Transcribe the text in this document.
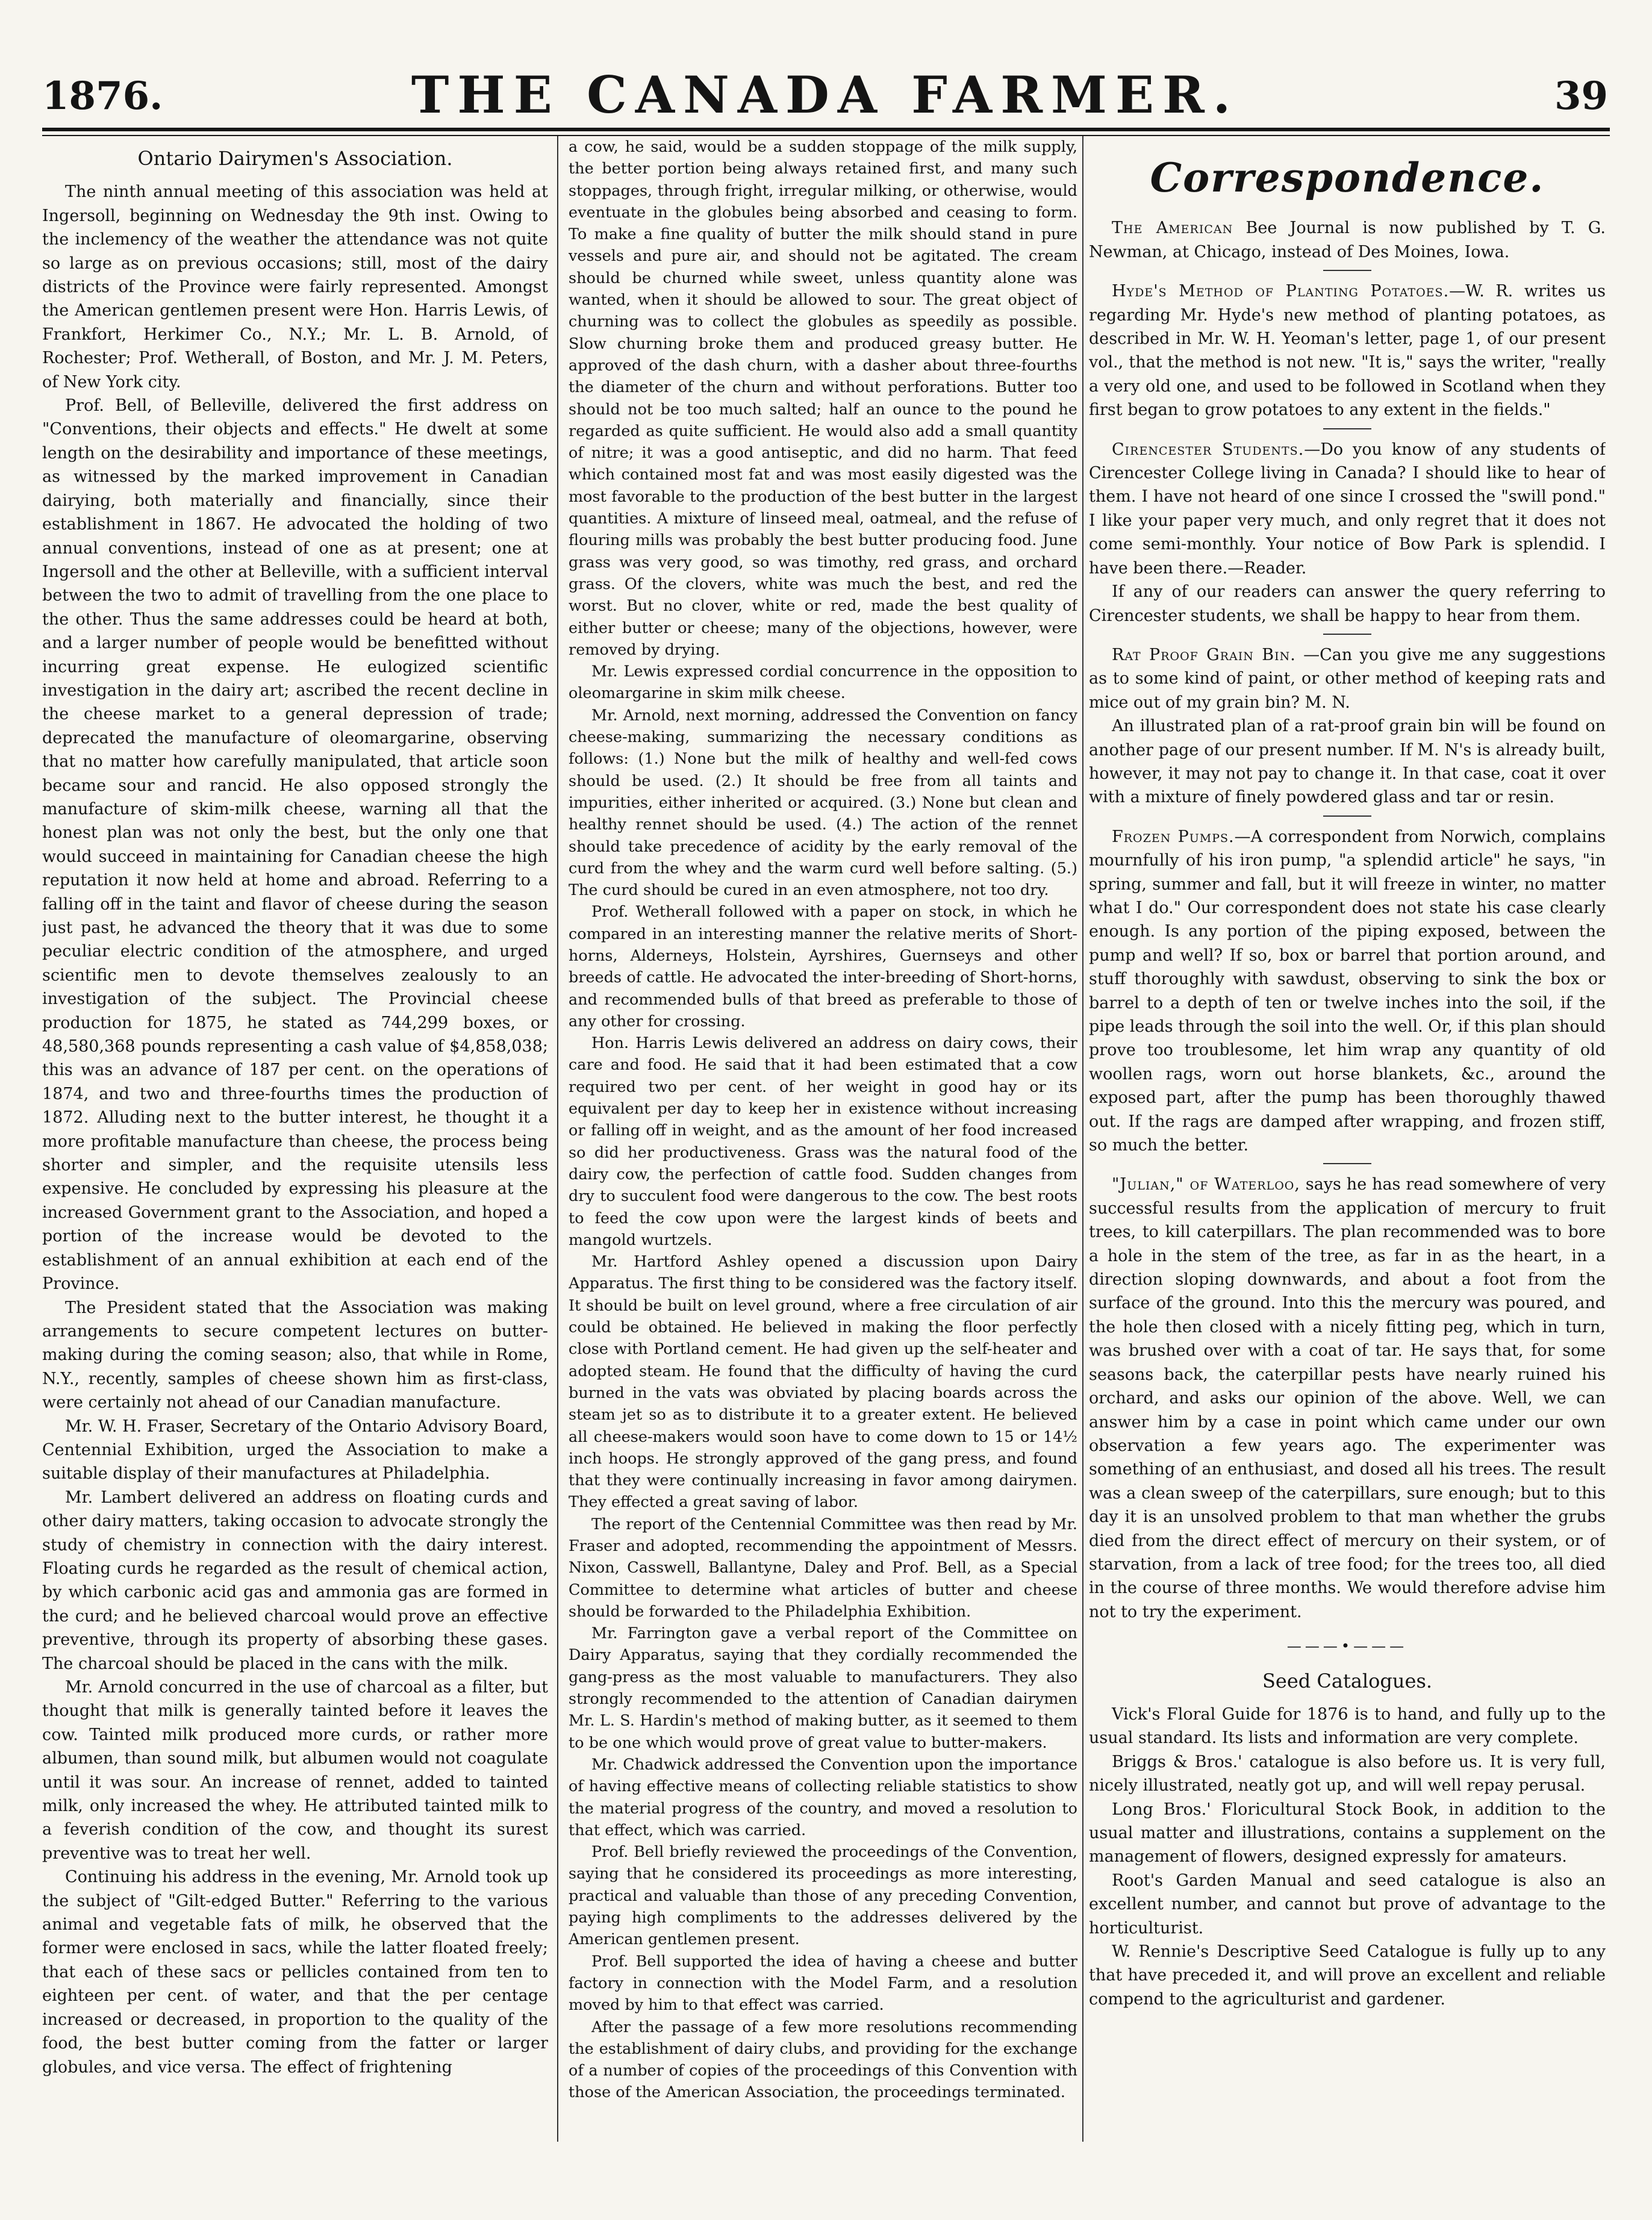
1876.	THE CANADA FARMER.	39
Ontario Dairymen's Association.

The ninth annual meeting of this association was held at Ingersoll, beginning on Wednesday the 9th inst. Owing to the inclemency of the weather the attendance was not quite so large as on previous occasions; still, most of the dairy districts of the Province were fairly represented. Amongst the American gentlemen present were Hon. Harris Lewis, of Frankfort, Herkimer Co., N.Y.; Mr. L. B. Arnold, of Rochester; Prof. Wetherall, of Boston, and Mr. J. M. Peters, of New York city.

Prof. Bell, of Belleville, delivered the first address on "Conventions, their objects and effects." He dwelt at some length on the desirability and importance of these meetings, as witnessed by the marked improvement in Canadian dairying, both materially and financially, since their establishment in 1867. He advocated the holding of two annual conventions, instead of one as at present; one at Ingersoll and the other at Belleville, with a sufficient interval between the two to admit of travelling from the one place to the other. Thus the same addresses could be heard at both, and a larger number of people would be benefitted without incurring great expense. He eulogized scientific investigation in the dairy art; ascribed the recent decline in the cheese market to a general depression of trade; deprecated the manufacture of oleomargarine, observing that no matter how carefully manipulated, that article soon became sour and rancid. He also opposed strongly the manufacture of skim-milk cheese, warning all that the honest plan was not only the best, but the only one that would succeed in maintaining for Canadian cheese the high reputation it now held at home and abroad. Referring to a falling off in the taint and flavor of cheese during the season just past, he advanced the theory that it was due to some peculiar electric condition of the atmosphere, and urged scientific men to devote themselves zealously to an investigation of the subject. The Provincial cheese production for 1875, he stated as 744,299 boxes, or 48,580,368 pounds representing a cash value of $4,858,038; this was an advance of 187 per cent. on the operations of 1874, and two and three-fourths times the production of 1872. Alluding next to the butter interest, he thought it a more profitable manufacture than cheese, the process being shorter and simpler, and the requisite utensils less expensive. He concluded by expressing his pleasure at the increased Government grant to the Association, and hoped a portion of the increase would be devoted to the establishment of an annual exhibition at each end of the Province.

The President stated that the Association was making arrangements to secure competent lectures on butter-making during the coming season; also, that while in Rome, N.Y., recently, samples of cheese shown him as first-class, were certainly not ahead of our Canadian manufacture.

Mr. W. H. Fraser, Secretary of the Ontario Advisory Board, Centennial Exhibition, urged the Association to make a suitable display of their manufactures at Philadelphia.

Mr. Lambert delivered an address on floating curds and other dairy matters, taking occasion to advocate strongly the study of chemistry in connection with the dairy interest. Floating curds he regarded as the result of chemical action, by which carbonic acid gas and ammonia gas are formed in the curd; and he believed charcoal would prove an effective preventive, through its property of absorbing these gases. The charcoal should be placed in the cans with the milk.

Mr. Arnold concurred in the use of charcoal as a filter, but thought that milk is generally tainted before it leaves the cow. Tainted milk produced more curds, or rather more albumen, than sound milk, but albumen would not coagulate until it was sour. An increase of rennet, added to tainted milk, only increased the whey. He attributed tainted milk to a feverish condition of the cow, and thought its surest preventive was to treat her well.

Continuing his address in the evening, Mr. Arnold took up the subject of "Gilt-edged Butter." Referring to the various animal and vegetable fats of milk, he observed that the former were enclosed in sacs, while the latter floated freely; that each of these sacs or pellicles contained from ten to eighteen per cent. of water, and that the per centage increased or decreased, in proportion to the quality of the food, the best butter coming from the fatter or larger globules, and vice versa. The effect of frightening

a cow, he said, would be a sudden stoppage of the milk supply, the better portion being always retained first, and many such stoppages, through fright, irregular milking, or otherwise, would eventuate in the globules being absorbed and ceasing to form. To make a fine quality of butter the milk should stand in pure vessels and pure air, and should not be agitated. The cream should be churned while sweet, unless quantity alone was wanted, when it should be allowed to sour. The great object of churning was to collect the globules as speedily as possible. Slow churning broke them and produced greasy butter. He approved of the dash churn, with a dasher about three-fourths the diameter of the churn and without perforations. Butter too should not be too much salted; half an ounce to the pound he regarded as quite sufficient. He would also add a small quantity of nitre; it was a good antiseptic, and did no harm. That feed which contained most fat and was most easily digested was the most favorable to the production of the best butter in the largest quantities. A mixture of linseed meal, oatmeal, and the refuse of flouring mills was probably the best butter producing food. June grass was very good, so was timothy, red grass, and orchard grass. Of the clovers, white was much the best, and red the worst. But no clover, white or red, made the best quality of either butter or cheese; many of the objections, however, were removed by drying.

Mr. Lewis expressed cordial concurrence in the opposition to oleomargarine in skim milk cheese.

Mr. Arnold, next morning, addressed the Convention on fancy cheese-making, summarizing the necessary conditions as follows: (1.) None but the milk of healthy and well-fed cows should be used. (2.) It should be free from all taints and impurities, either inherited or acquired. (3.) None but clean and healthy rennet should be used. (4.) The action of the rennet should take precedence of acidity by the early removal of the curd from the whey and the warm curd well before salting. (5.) The curd should be cured in an even atmosphere, not too dry.

Prof. Wetherall followed with a paper on stock, in which he compared in an interesting manner the relative merits of Short-horns, Alderneys, Holstein, Ayrshires, Guernseys and other breeds of cattle. He advocated the inter-breeding of Short-horns, and recommended bulls of that breed as preferable to those of any other for crossing.

Hon. Harris Lewis delivered an address on dairy cows, their care and food. He said that it had been estimated that a cow required two per cent. of her weight in good hay or its equivalent per day to keep her in existence without increasing or falling off in weight, and as the amount of her food increased so did her productiveness. Grass was the natural food of the dairy cow, the perfection of cattle food. Sudden changes from dry to succulent food were dangerous to the cow. The best roots to feed the cow upon were the largest kinds of beets and mangold wurtzels.

Mr. Hartford Ashley opened a discussion upon Dairy Apparatus. The first thing to be considered was the factory itself. It should be built on level ground, where a free circulation of air could be obtained. He believed in making the floor perfectly close with Portland cement. He had given up the self-heater and adopted steam. He found that the difficulty of having the curd burned in the vats was obviated by placing boards across the steam jet so as to distribute it to a greater extent. He believed all cheese-makers would soon have to come down to 15 or 14½ inch hoops. He strongly approved of the gang press, and found that they were continually increasing in favor among dairymen. They effected a great saving of labor.

The report of the Centennial Committee was then read by Mr. Fraser and adopted, recommending the appointment of Messrs. Nixon, Casswell, Ballantyne, Daley and Prof. Bell, as a Special Committee to determine what articles of butter and cheese should be forwarded to the Philadelphia Exhibition.

Mr. Farrington gave a verbal report of the Committee on Dairy Apparatus, saying that they cordially recommended the gang-press as the most valuable to manufacturers. They also strongly recommended to the attention of Canadian dairymen Mr. L. S. Hardin's method of making butter, as it seemed to them to be one which would prove of great value to butter-makers.

Mr. Chadwick addressed the Convention upon the importance of having effective means of collecting reliable statistics to show the material progress of the country, and moved a resolution to that effect, which was carried.

Prof. Bell briefly reviewed the proceedings of the Convention, saying that he considered its proceedings as more interesting, practical and valuable than those of any preceding Convention, paying high compliments to the addresses delivered by the American gentlemen present.

Prof. Bell supported the idea of having a cheese and butter factory in connection with the Model Farm, and a resolution moved by him to that effect was carried.

After the passage of a few more resolutions recommending the establishment of dairy clubs, and providing for the exchange of a number of copies of the proceedings of this Convention with those of the American Association, the proceedings terminated.

Correspondence.

The American Bee Journal is now published by T. G. Newman, at Chicago, instead of Des Moines, Iowa.

Hyde's Method of Planting Potatoes.—W. R. writes us regarding Mr. Hyde's new method of planting potatoes, as described in Mr. W. H. Yeoman's letter, page 1, of our present vol., that the method is not new. "It is," says the writer, "really a very old one, and used to be followed in Scotland when they first began to grow potatoes to any extent in the fields."

Cirencester Students.—Do you know of any students of Cirencester College living in Canada? I should like to hear of them. I have not heard of one since I crossed the "swill pond." I like your paper very much, and only regret that it does not come semi-monthly. Your notice of Bow Park is splendid. I have been there.—Reader.

If any of our readers can answer the query referring to Cirencester students, we shall be happy to hear from them.

Rat Proof Grain Bin. —Can you give me any suggestions as to some kind of paint, or other method of keeping rats and mice out of my grain bin? M. N.

An illustrated plan of a rat-proof grain bin will be found on another page of our present number. If M. N's is already built, however, it may not pay to change it. In that case, coat it over with a mixture of finely powdered glass and tar or resin.

Frozen Pumps.—A correspondent from Norwich, complains mournfully of his iron pump, "a splendid article" he says, "in spring, summer and fall, but it will freeze in winter, no matter what I do." Our correspondent does not state his case clearly enough. Is any portion of the piping exposed, between the pump and well? If so, box or barrel that portion around, and stuff thoroughly with sawdust, observing to sink the box or barrel to a depth of ten or twelve inches into the soil, if the pipe leads through the soil into the well. Or, if this plan should prove too troublesome, let him wrap any quantity of old woollen rags, worn out horse blankets, &c., around the exposed part, after the pump has been thoroughly thawed out. If the rags are damped after wrapping, and frozen stiff, so much the better.

"Julian," of Waterloo, says he has read somewhere of very successful results from the application of mercury to fruit trees, to kill caterpillars. The plan recommended was to bore a hole in the stem of the tree, as far in as the heart, in a direction sloping downwards, and about a foot from the surface of the ground. Into this the mercury was poured, and the hole then closed with a nicely fitting peg, which in turn, was brushed over with a coat of tar. He says that, for some seasons back, the caterpillar pests have nearly ruined his orchard, and asks our opinion of the above. Well, we can answer him by a case in point which came under our own observation a few years ago. The experimenter was something of an enthusiast, and dosed all his trees. The result was a clean sweep of the caterpillars, sure enough; but to this day it is an unsolved problem to that man whether the grubs died from the direct effect of mercury on their system, or of starvation, from a lack of tree food; for the trees too, all died in the course of three months. We would therefore advise him not to try the experiment.

———•———
Seed Catalogues.

Vick's Floral Guide for 1876 is to hand, and fully up to the usual standard. Its lists and information are very complete.

Briggs & Bros.' catalogue is also before us. It is very full, nicely illustrated, neatly got up, and will well repay perusal.

Long Bros.' Floricultural Stock Book, in addition to the usual matter and illustrations, contains a supplement on the management of flowers, designed expressly for amateurs.

Root's Garden Manual and seed catalogue is also an excellent number, and cannot but prove of advantage to the horticulturist.

W. Rennie's Descriptive Seed Catalogue is fully up to any that have preceded it, and will prove an excellent and reliable compend to the agriculturist and gardener.
